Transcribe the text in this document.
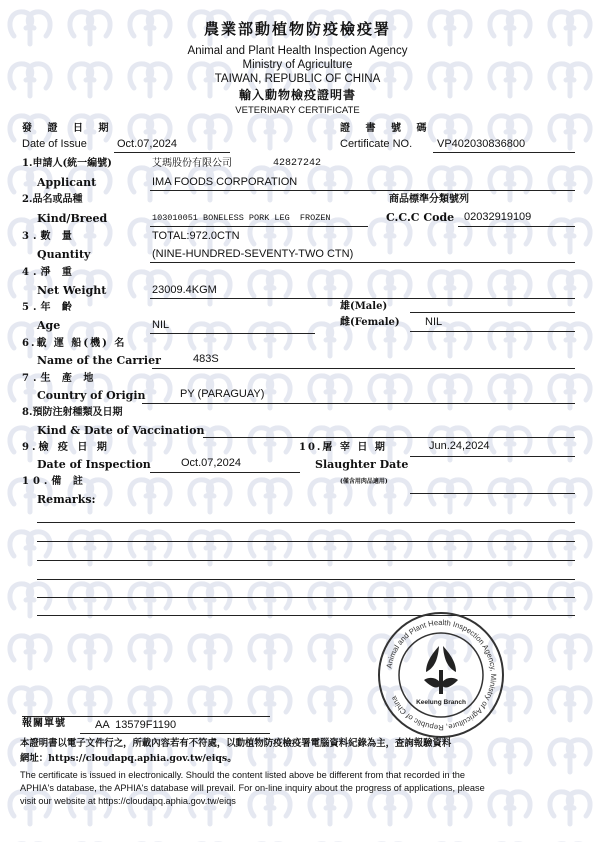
農業部動植物防疫檢疫署
Animal and Plant Health Inspection Agency
Ministry of Agriculture
TAIWAN, REPUBLIC OF CHINA
輸入動物檢疫證明書
VETERINARY CERTIFICATE
發 證 日 期
Date of Issue	Oct.07,2024
證 書 號 碼
Certificate NO. VP402030836800
1.申請人(統一編號)	艾瑪股份有限公司	42827242
Applicant	IMA FOODS CORPORATION
2.品名或品種	商品標準分類號列
Kind/Breed	103010051 BONELESS PORK LEG  FROZEN	C.C.C Code 02032919109
3.數 量	TOTAL:972.0CTN
Quantity	(NINE-HUNDRED-SEVENTY-TWO CTN)
4.淨 重
Net Weight	23009.4KGM
5.年 齡	雄(Male)
Age	NIL	雌(Female) NIL
6.載 運 船(機) 名
Name of the Carrier	483S
7.生 產 地
Country of Origin	PY (PARAGUAY)
8.預防注射種類及日期
Kind & Date of Vaccination
9.檢 疫 日 期
Date of Inspection	Oct.07,2024
10.屠 宰 日 期	Jun.24,2024
Slaughter Date
10.備 註	(僅含用肉品適用)
Remarks:
Animal and Plant Health Inspection Agency, Ministry of Agriculture, Republic of China
Keelung Branch
報關單號	AA  13579F1190
本證明書以電子文件行之，所載內容若有不符處，以動植物防疫檢疫署電腦資料紀錄為主，查詢報驗資料
網址：https://cloudapq.aphia.gov.tw/eiqs。
The certificate is issued in electronically. Should the content listed above be different from that recorded in the
APHIA's database, the APHIA's database will prevail. For on-line inquiry about the progress of applications, please
visit our website at https://cloudapq.aphia.gov.tw/eiqs
